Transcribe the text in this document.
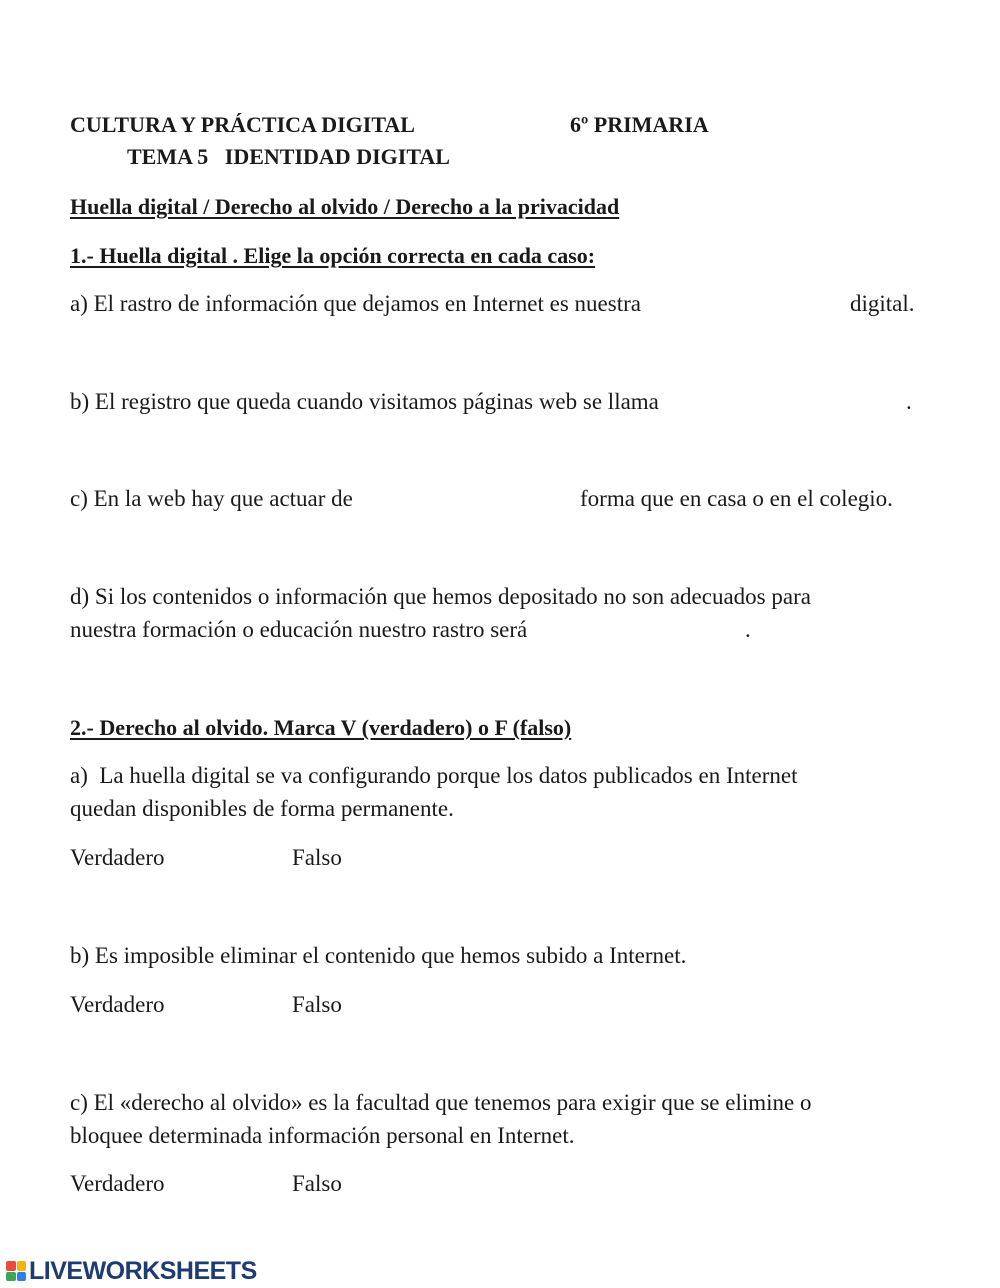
CULTURA Y PRÁCTICA DIGITAL	6º PRIMARIA
TEMA 5   IDENTIDAD DIGITAL
Huella digital / Derecho al olvido / Derecho a la privacidad
1.- Huella digital . Elige la opción correcta en cada caso:
a) El rastro de información que dejamos en Internet es nuestra	digital.
b) El registro que queda cuando visitamos páginas web se llama	.
c) En la web hay que actuar de	forma que en casa o en el colegio.
d) Si los contenidos o información que hemos depositado no son adecuados para
nuestra formación o educación nuestro rastro será	.
2.- Derecho al olvido. Marca V (verdadero) o F (falso)
a)  La huella digital se va configurando porque los datos publicados en Internet
quedan disponibles de forma permanente.
Verdadero	Falso
b) Es imposible eliminar el contenido que hemos subido a Internet.
Verdadero	Falso
c) El «derecho al olvido» es la facultad que tenemos para exigir que se elimine o
bloquee determinada información personal en Internet.
Verdadero	Falso
LIVEWORKSHEETS
